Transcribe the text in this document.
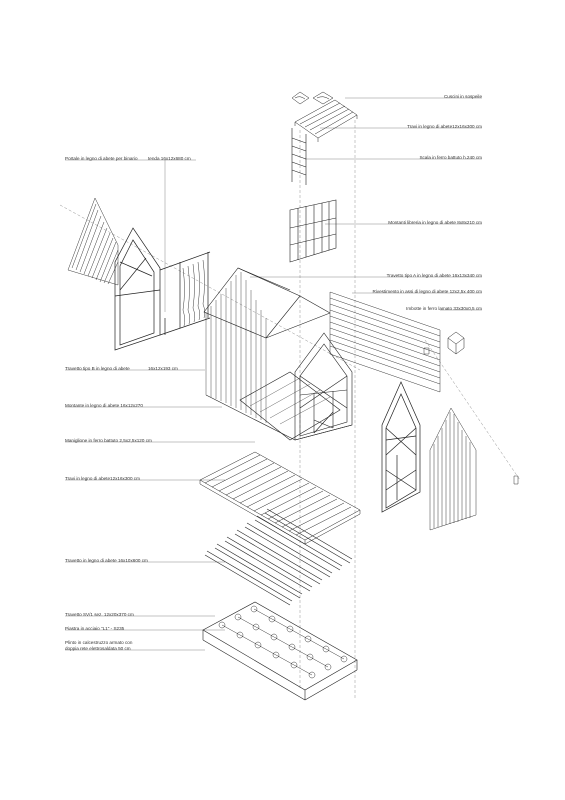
Cuscini in sospeile
Travi in legno di abete12x16x300 cm
Scala in ferro battuto h.240 cm
Portale in legno di abete per binario tenda 16x12x680 cm
Montanti libreria in legno di abete 8x8x210 cm
Travetto tipo A in legno di abete 16x13x340 cm
Rivestimento in assi di legno di abete 12x2,5x 400 cm
Imbotte in ferro lamato 33x30x0,5 cm
Travetto tipo B in legno di abete	16x12x193 cm
Montante in legno di abete 16x12x270
Maniglione in ferro battuto 2,5x2,5x120 cm
Travi in legno di abete12x16x300 cm
Travetto in legno di abete 16x10x600 cm
Travetto SV/1 sez. 12x20x370 cm
Piastra in acciaio "L1" - S235
Plinto in calcestruzzo armato con doppia rete elettrosaldata 50 cm
